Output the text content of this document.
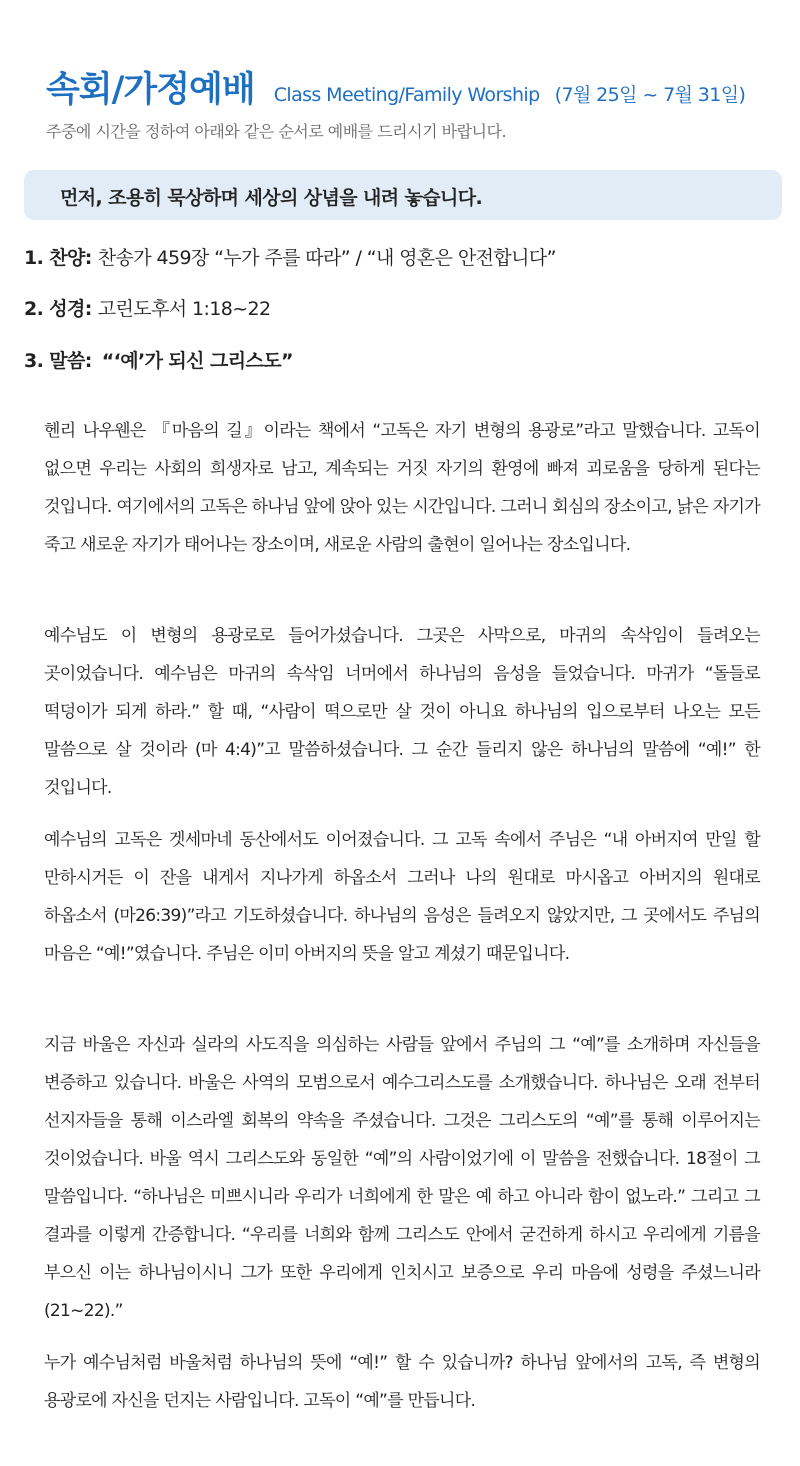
속회/가정예배 Class Meeting/Family Worship (7월 25일 ~ 7월 31일)
주중에 시간을 정하여 아래와 같은 순서로 예배를 드리시기 바랍니다.
먼저, 조용히 묵상하며 세상의 상념을 내려 놓습니다.
1. 찬양: 찬송가 459장 “누가 주를 따라” / “내 영혼은 안전합니다”
2. 성경: 고린도후서 1:18~22
3. 말씀: “‘예’가 되신 그리스도”

헨리 나우웬은 『마음의 길』이라는 책에서 “고독은 자기 변형의 용광로”라고 말했습니다. 고독이 없으면 우리는 사회의 희생자로 남고, 계속되는 거짓 자기의 환영에 빠져 괴로움을 당하게 된다는 것입니다. 여기에서의 고독은 하나님 앞에 앉아 있는 시간입니다. 그러니 회심의 장소이고, 낡은 자기가 죽고 새로운 자기가 태어나는 장소이며, 새로운 사람의 출현이 일어나는 장소입니다.

예수님도 이 변형의 용광로로 들어가셨습니다. 그곳은 사막으로, 마귀의 속삭임이 들려오는 곳이었습니다. 예수님은 마귀의 속삭임 너머에서 하나님의 음성을 들었습니다. 마귀가 “돌들로 떡덩이가 되게 하라.” 할 때, “사람이 떡으로만 살 것이 아니요 하나님의 입으로부터 나오는 모든 말씀으로 살 것이라 (마 4:4)”고 말씀하셨습니다. 그 순간 들리지 않은 하나님의 말씀에 “예!” 한 것입니다.

예수님의 고독은 겟세마네 동산에서도 이어졌습니다. 그 고독 속에서 주님은 “내 아버지여 만일 할 만하시거든 이 잔을 내게서 지나가게 하옵소서 그러나 나의 원대로 마시옵고 아버지의 원대로 하옵소서 (마26:39)”라고 기도하셨습니다. 하나님의 음성은 들려오지 않았지만, 그 곳에서도 주님의 마음은 “예!”였습니다. 주님은 이미 아버지의 뜻을 알고 계셨기 때문입니다.

지금 바울은 자신과 실라의 사도직을 의심하는 사람들 앞에서 주님의 그 “예”를 소개하며 자신들을 변증하고 있습니다. 바울은 사역의 모범으로서 예수그리스도를 소개했습니다. 하나님은 오래 전부터 선지자들을 통해 이스라엘 회복의 약속을 주셨습니다. 그것은 그리스도의 “예”를 통해 이루어지는 것이었습니다. 바울 역시 그리스도와 동일한 “예”의 사람이었기에 이 말씀을 전했습니다. 18절이 그 말씀입니다. “하나님은 미쁘시니라 우리가 너희에게 한 말은 예 하고 아니라 함이 없노라.” 그리고 그 결과를 이렇게 간증합니다. “우리를 너희와 함께 그리스도 안에서 굳건하게 하시고 우리에게 기름을 부으신 이는 하나님이시니 그가 또한 우리에게 인치시고 보증으로 우리 마음에 성령을 주셨느니라 (21~22).”

누가 예수님처럼 바울처럼 하나님의 뜻에 “예!” 할 수 있습니까? 하나님 앞에서의 고독, 즉 변형의 용광로에 자신을 던지는 사람입니다. 고독이 “예”를 만듭니다.
